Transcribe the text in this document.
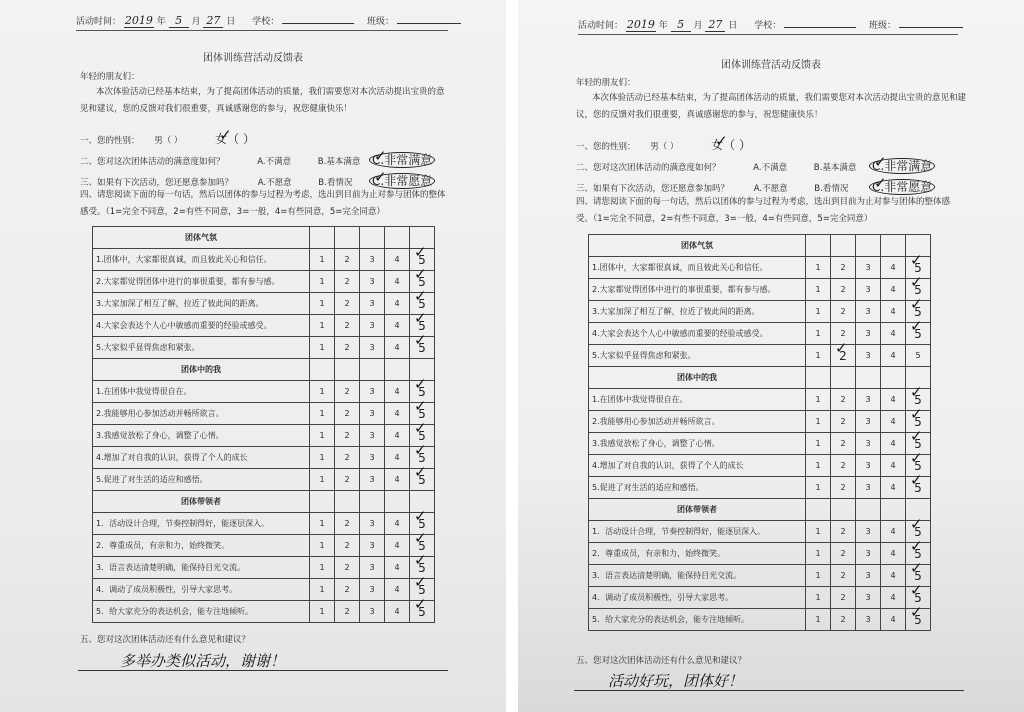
活动时间： 2019 年 5 月 27 日 学校：	班级：
团体训练营活动反馈表
年轻的朋友们：
本次体验活动已经基本结束，为了提高团体活动的质量，我们需要您对本次活动提出宝贵的意见和建议，您的反馈对我们很重要，真诚感谢您的参与，祝您健康快乐！
一、您的性别： 男（ ）	女（ ） ✓
二、您对这次团体活动的满意度如何？	A.不满意	B.基本满意 C.非常满意 ✓
三、如果有下次活动，您还愿意参加吗？	A.不愿意	B.看情况 C.非常愿意 ✓
四、请您阅读下面的每一句话，然后以团体的参与过程为考虑，选出到目前为止对参与团体的整体感受。（1=完全不同意，2=有些不同意，3=一般，4=有些同意，5=完全同意）
团体气氛					
1.团体中，大家都很真诚，而且彼此关心和信任。	1	2	3	4	5 ✓
2.大家都觉得团体中进行的事很重要，都有参与感。	1	2	3	4	5 ✓
3.大家加深了相互了解，拉近了彼此间的距离。	1	2	3	4	5 ✓
4.大家会表达个人心中敏感而重要的经验或感受。	1	2	3	4	5 ✓
5.大家似乎显得焦虑和紧张。	1	2	3	4	5 ✓
团体中的我					
1.在团体中我觉得很自在。	1	2	3	4	5 ✓
2.我能够用心参加活动并畅所欲言。	1	2	3	4	5 ✓
3.我感觉放松了身心，调整了心情。	1	2	3	4	5 ✓
4.增加了对自我的认识，获得了个人的成长	1	2	3	4	5 ✓
5.促进了对生活的适应和感悟。	1	2	3	4	5 ✓
团体带领者					
1．活动设计合理，节奏控制得好，能逐层深入。	1	2	3	4	5 ✓
2．尊重成员，有亲和力，始终微笑。	1	2	3	4	5 ✓
3．语言表达清楚明确，能保持目光交流。	1	2	3	4	5 ✓
4．调动了成员积极性，引导大家思考。	1	2	3	4	5 ✓
5．给大家充分的表达机会，能专注地倾听。	1	2	3	4	5 ✓
五、您对这次团体活动还有什么意见和建议？
多举办类似活动，谢谢！
活动时间： 2019 年 5 月 27 日 学校：	班级：
团体训练营活动反馈表
年轻的朋友们：
本次体验活动已经基本结束，为了提高团体活动的质量，我们需要您对本次活动提出宝贵的意见和建议，您的反馈对我们很重要，真诚感谢您的参与，祝您健康快乐！
一、您的性别： 男（ ）	女（ ） ✓
二、您对这次团体活动的满意度如何？	A.不满意	B.基本满意 C.非常满意 ✓
三、如果有下次活动，您还愿意参加吗？	A.不愿意	B.看情况 C.非常愿意 ✓
四、请您阅读下面的每一句话，然后以团体的参与过程为考虑，选出到目前为止对参与团体的整体感受。（1=完全不同意，2=有些不同意，3=一般，4=有些同意，5=完全同意）
团体气氛					
1.团体中，大家都很真诚，而且彼此关心和信任。	1	2	3	4	5 ✓
2.大家都觉得团体中进行的事很重要，都有参与感。	1	2	3	4	5 ✓
3.大家加深了相互了解，拉近了彼此间的距离。	1	2	3	4	5 ✓
4.大家会表达个人心中敏感而重要的经验或感受。	1	2	3	4	5 ✓
5.大家似乎显得焦虑和紧张。	1	2 ✓	3	4	5
团体中的我					
1.在团体中我觉得很自在。	1	2	3	4	5 ✓
2.我能够用心参加活动并畅所欲言。	1	2	3	4	5 ✓
3.我感觉放松了身心，调整了心情。	1	2	3	4	5 ✓
4.增加了对自我的认识，获得了个人的成长	1	2	3	4	5 ✓
5.促进了对生活的适应和感悟。	1	2	3	4	5 ✓
团体带领者					
1．活动设计合理，节奏控制得好，能逐层深入。	1	2	3	4	5 ✓
2．尊重成员，有亲和力，始终微笑。	1	2	3	4	5 ✓
3．语言表达清楚明确，能保持目光交流。	1	2	3	4	5 ✓
4．调动了成员积极性，引导大家思考。	1	2	3	4	5 ✓
5．给大家充分的表达机会，能专注地倾听。	1	2	3	4	5 ✓
五、您对这次团体活动还有什么意见和建议？
活动好玩，团体好！
